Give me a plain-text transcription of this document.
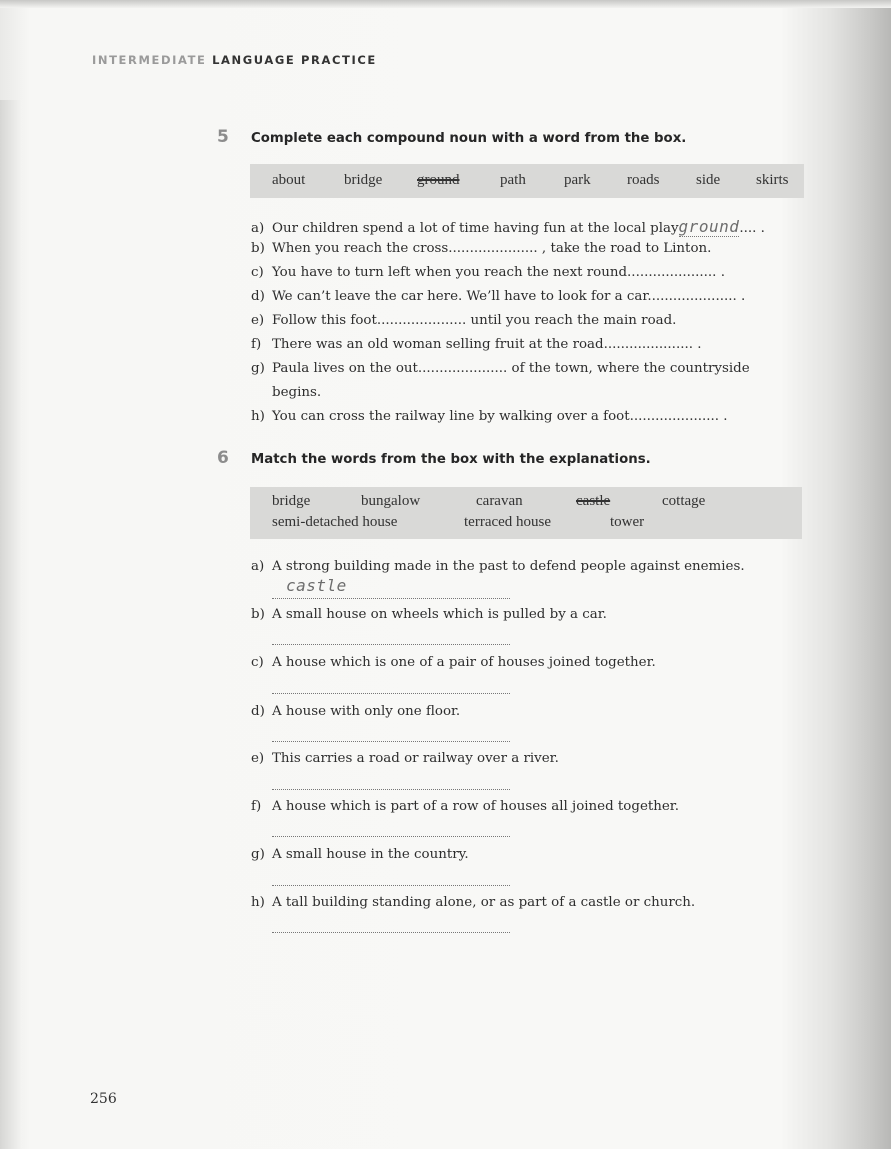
INTERMEDIATE LANGUAGE PRACTICE
5 Complete each compound noun with a word from the box.
about	bridge ground	path	park roads side skirts
a) Our children spend a lot of time having fun at the local playground.... .
b) When you reach the cross..................... , take the road to Linton.
c) You have to turn left when you reach the next round..................... .
d) We can’t leave the car here. We’ll have to look for a car..................... .
e) Follow this foot..................... until you reach the main road.
f) There was an old woman selling fruit at the road..................... .
g) Paula lives on the out..................... of the town, where the countryside
begins.
h) You can cross the railway line by walking over a foot..................... .
6 Match the words from the box with the explanations.
bridge	bungalow	caravan	castle	cottage
semi-detached house	terraced house	tower
a) A strong building made in the past to defend people against enemies.
castle
b) A small house on wheels which is pulled by a car.
c) A house which is one of a pair of houses joined together.
d) A house with only one floor.
e) This carries a road or railway over a river.
f) A house which is part of a row of houses all joined together.
g) A small house in the country.
h) A tall building standing alone, or as part of a castle or church.
256
